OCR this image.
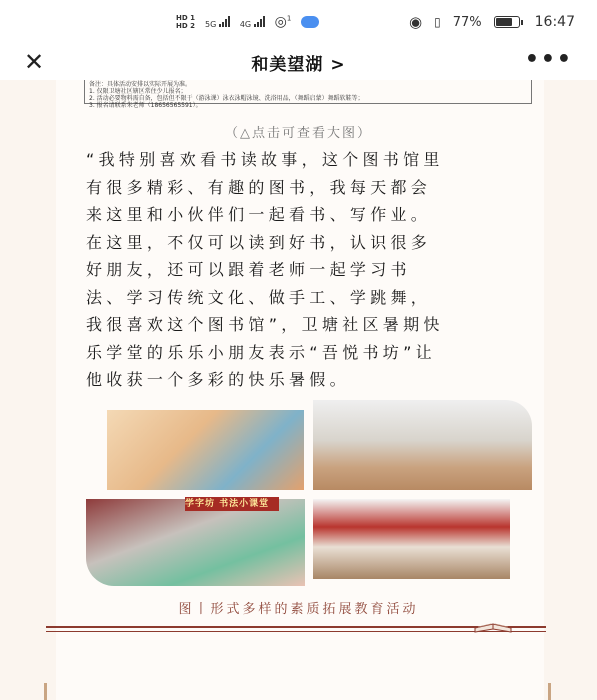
HD 1
HD 2 5G	4G	◎$^1$	◉ ▯ 77%	16:47
✕	和美望湖 >	•••
备注：具体活动安排以实际开展为准。
1. 仅限卫塘社区辖区常住少儿报名；
2. 活动必要物料需自备，包括但不限于（游泳课）泳衣泳帽泳镜、洗浴用品，（舞蹈启蒙）舞蹈软鞋等；
3. 报名请联系朱老师（18656565591）。
（△点击可查看大图）

“我特别喜欢看书读故事，这个图书馆里
有很多精彩、有趣的图书，我每天都会
来这里和小伙伴们一起看书、写作业。
在这里，不仅可以读到好书，认识很多
好朋友，还可以跟着老师一起学习书
法、学习传统文化、做手工、学跳舞，
我很喜欢这个图书馆”，卫塘社区暑期快
乐学堂的乐乐小朋友表示“吾悦书坊”让
他收获一个多彩的快乐暑假。

学字坊 书法小课堂
图丨形式多样的素质拓展教育活动
